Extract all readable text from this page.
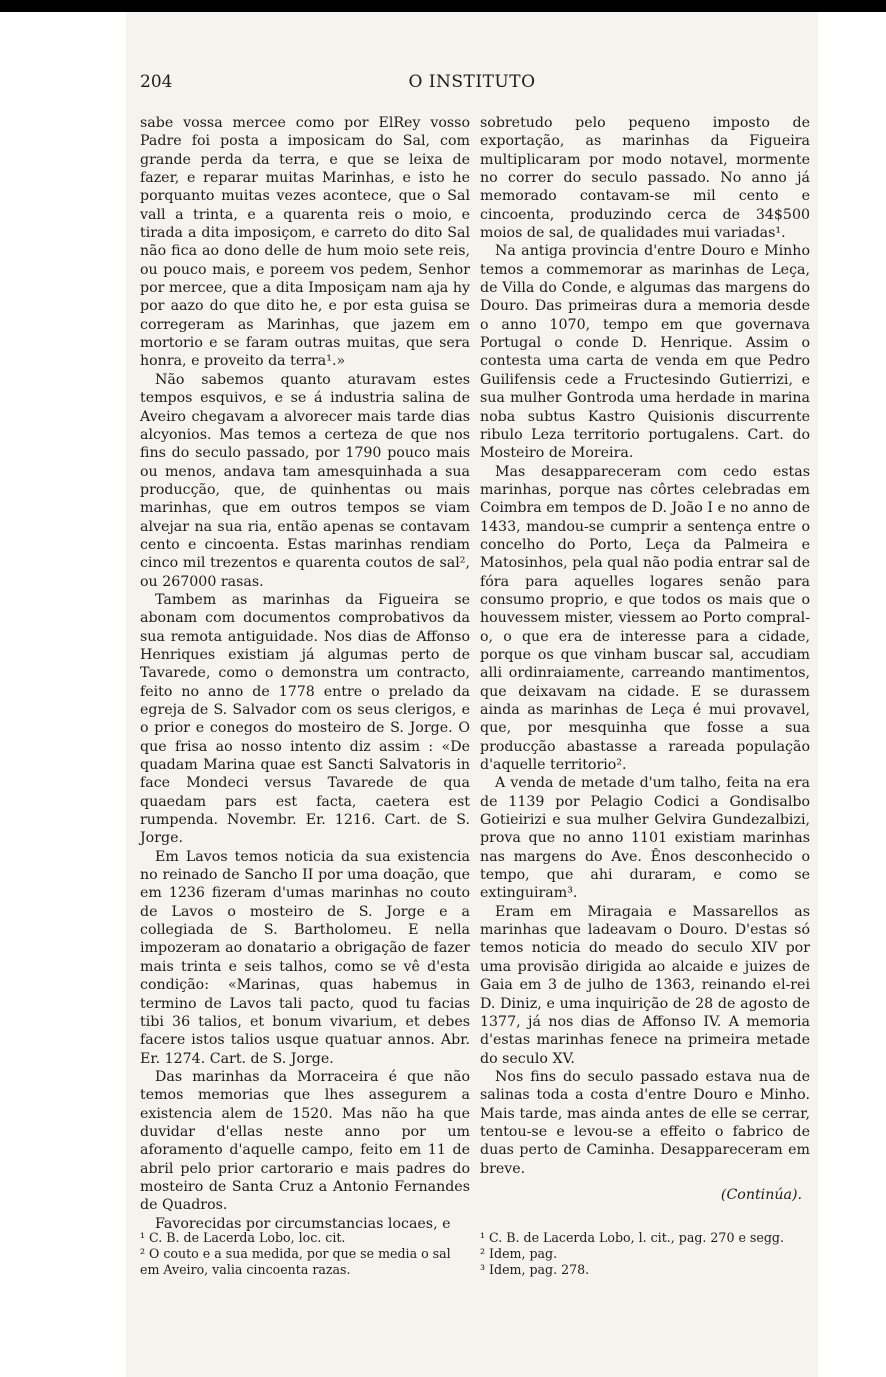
204	O INSTITUTO

sabe vossa mercee como por ElRey vosso Padre foi posta a imposicam do Sal, com grande perda da terra, e que se leixa de fazer, e reparar muitas Marinhas, e isto he porquanto muitas vezes acontece, que o Sal vall a trinta, e a quarenta reis o moio, e tirada a dita imposiçom, e carreto do dito Sal não fica ao dono delle de hum moio sete reis, ou pouco mais, e poreem vos pedem, Senhor por mercee, que a dita Imposiçam nam aja hy por aazo do que dito he, e por esta guisa se corregeram as Marinhas, que jazem em mortorio e se faram outras muitas, que sera honra, e proveito da terra¹.»

Não sabemos quanto aturavam estes tempos esquivos, e se á industria salina de Aveiro chegavam a alvorecer mais tarde dias alcyonios. Mas temos a certeza de que nos fins do seculo passado, por 1790 pouco mais ou menos, andava tam amesquinhada a sua producção, que, de quinhentas ou mais marinhas, que em outros tempos se viam alvejar na sua ria, então apenas se contavam cento e cincoenta. Estas marinhas rendiam cinco mil trezentos e quarenta coutos de sal², ou 267000 rasas.

Tambem as marinhas da Figueira se abonam com documentos comprobativos da sua remota antiguidade. Nos dias de Affonso Henriques existiam já algumas perto de Tavarede, como o demonstra um contracto, feito no anno de 1778 entre o prelado da egreja de S. Salvador com os seus clerigos, e o prior e conegos do mosteiro de S. Jorge. O que frisa ao nosso intento diz assim : «De quadam Marina quae est Sancti Salvatoris in face Mondeci versus Tavarede de qua quaedam pars est facta, caetera est rumpenda. Novembr. Er. 1216. Cart. de S. Jorge.

Em Lavos temos noticia da sua existencia no reinado de Sancho II por uma doação, que em 1236 fizeram d'umas marinhas no couto de Lavos o mosteiro de S. Jorge e a collegiada de S. Bartholomeu. E nella impozeram ao donatario a obrigação de fazer mais trinta e seis talhos, como se vê d'esta condição: «Marinas, quas habemus in termino de Lavos tali pacto, quod tu facias tibi 36 talios, et bonum vivarium, et debes facere istos talios usque quatuar annos. Abr. Er. 1274. Cart. de S. Jorge.

Das marinhas da Morraceira é que não temos memorias que lhes assegurem a existencia alem de 1520. Mas não ha que duvidar d'ellas neste anno por um aforamento d'aquelle campo, feito em 11 de abril pelo prior cartorario e mais padres do mosteiro de Santa Cruz a Antonio Fernandes de Quadros.

Favorecidas por circumstancias locaes, e

sobretudo pelo pequeno imposto de exportação, as marinhas da Figueira multiplicaram por modo notavel, mormente no correr do seculo passado. No anno já memorado contavam-se mil cento e cincoenta, produzindo cerca de 34$500 moios de sal, de qualidades mui variadas¹.

Na antiga provincia d'entre Douro e Minho temos a commemorar as marinhas de Leça, de Villa do Conde, e algumas das margens do Douro. Das primeiras dura a memoria desde o anno 1070, tempo em que governava Portugal o conde D. Henrique. Assim o contesta uma carta de venda em que Pedro Guilifensis cede a Fructesindo Gutierrizi, e sua mulher Gontroda uma herdade in marina noba subtus Kastro Quisionis discurrente ribulo Leza territorio portugalens. Cart. do Mosteiro de Moreira.

Mas desappareceram com cedo estas marinhas, porque nas côrtes celebradas em Coimbra em tempos de D. João I e no anno de 1433, mandou-se cumprir a sentença entre o concelho do Porto, Leça da Palmeira e Matosinhos, pela qual não podia entrar sal de fóra para aquelles logares senão para consumo proprio, e que todos os mais que o houvessem mister, viessem ao Porto compral-o, o que era de interesse para a cidade, porque os que vinham buscar sal, accudiam alli ordinraiamente, carreando mantimentos, que deixavam na cidade. E se durassem ainda as marinhas de Leça é mui provavel, que, por mesquinha que fosse a sua producção abastasse a rareada população d'aquelle territorio².

A venda de metade d'um talho, feita na era de 1139 por Pelagio Codici a Gondisalbo Gotieirizi e sua mulher Gelvira Gundezalbizi, prova que no anno 1101 existiam marinhas nas margens do Ave. Ênos desconhecido o tempo, que ahi duraram, e como se extinguiram³.

Eram em Miragaia e Massarellos as marinhas que ladeavam o Douro. D'estas só temos noticia do meado do seculo XIV por uma provisão dirigida ao alcaide e juizes de Gaia em 3 de julho de 1363, reinando el-rei D. Diniz, e uma inquirição de 28 de agosto de 1377, já nos dias de Affonso IV. A memoria d'estas marinhas fenece na primeira metade do seculo XV.

Nos fins do seculo passado estava nua de salinas toda a costa d'entre Douro e Minho. Mais tarde, mas ainda antes de elle se cerrar, tentou-se e levou-se a effeito o fabrico de duas perto de Caminha. Desappareceram em breve.

(Continúa).

¹ C. B. de Lacerda Lobo, loc. cit.
² O couto e a sua medida, por que se media o sal em Aveiro, valia cincoenta razas.
¹ C. B. de Lacerda Lobo, l. cit., pag. 270 e segg.
² Idem, pag.
³ Idem, pag. 278.
